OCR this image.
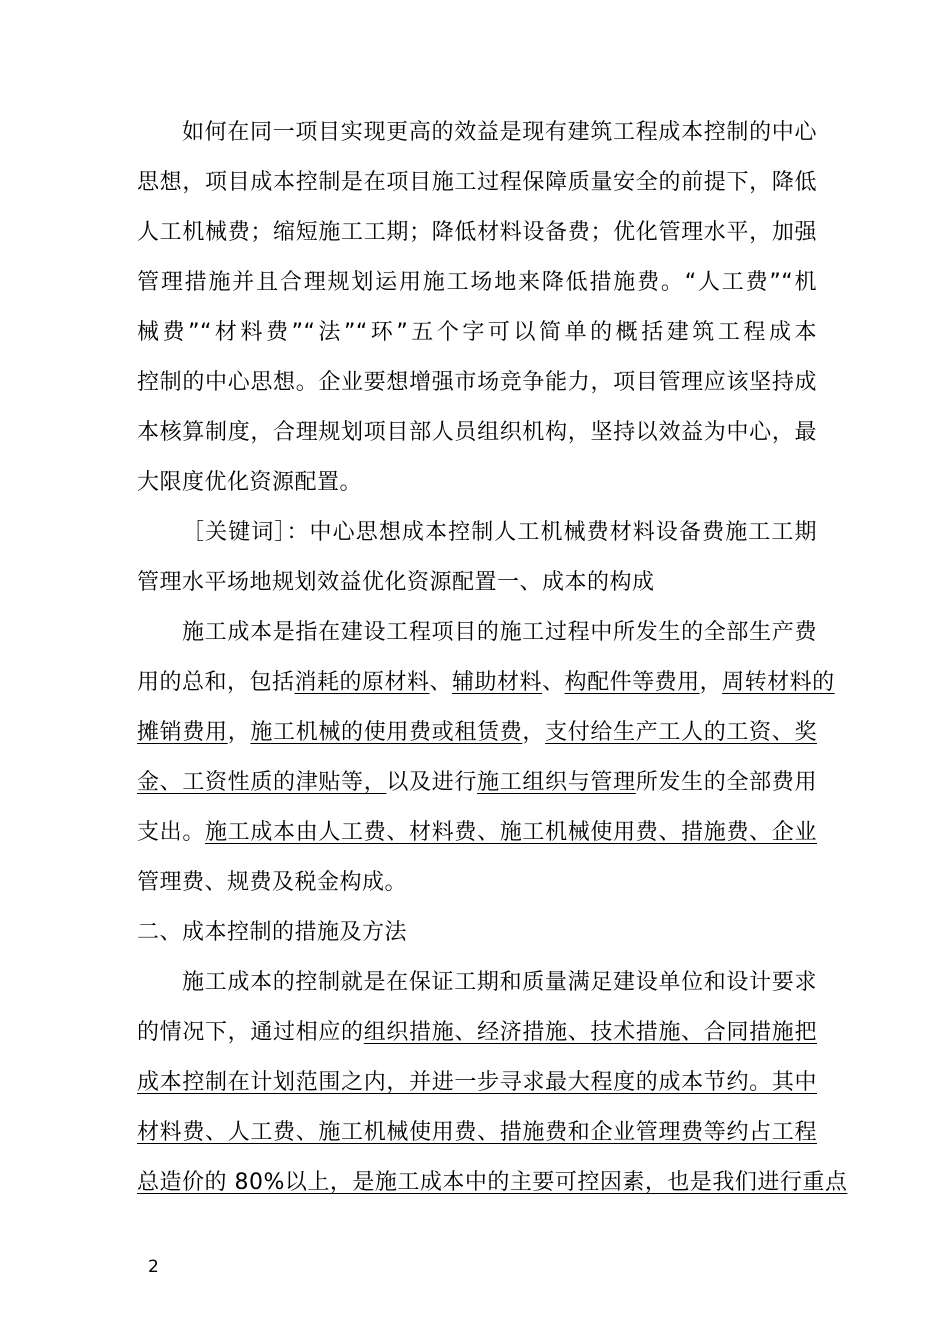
如何在同一项目实现更高的效益是现有建筑工程成本控制的中心
思想，项目成本控制是在项目施工过程保障质量安全的前提下，降低
人工机械费；缩短施工工期；降低材料设备费；优化管理水平，加强
管理措施并且合理规划运用施工场地来降低措施费。“人工费”“机
械费”“材料费”“法”“环”五个字可以简单的概括建筑工程成本
控制的中心思想。企业要想增强市场竞争能力，项目管理应该坚持成
本核算制度，合理规划项目部人员组织机构，坚持以效益为中心，最
大限度优化资源配置。
［关键词］：中心思想成本控制人工机械费材料设备费施工工期
管理水平场地规划效益优化资源配置一、成本的构成
施工成本是指在建设工程项目的施工过程中所发生的全部生产费
用的总和，包括消耗的原材料、辅助材料、构配件等费用，周转材料的
摊销费用，施工机械的使用费或租赁费，支付给生产工人的工资、奖
金、工资性质的津贴等，以及进行施工组织与管理所发生的全部费用
支出。施工成本由人工费、材料费、施工机械使用费、措施费、企业
管理费、规费及税金构成。
二、成本控制的措施及方法
施工成本的控制就是在保证工期和质量满足建设单位和设计要求
的情况下，通过相应的组织措施、经济措施、技术措施、合同措施把
成本控制在计划范围之内，并进一步寻求最大程度的成本节约。其中
材料费、人工费、施工机械使用费、措施费和企业管理费等约占工程
总造价的 80%以上，是施工成本中的主要可控因素，也是我们进行重点
2
